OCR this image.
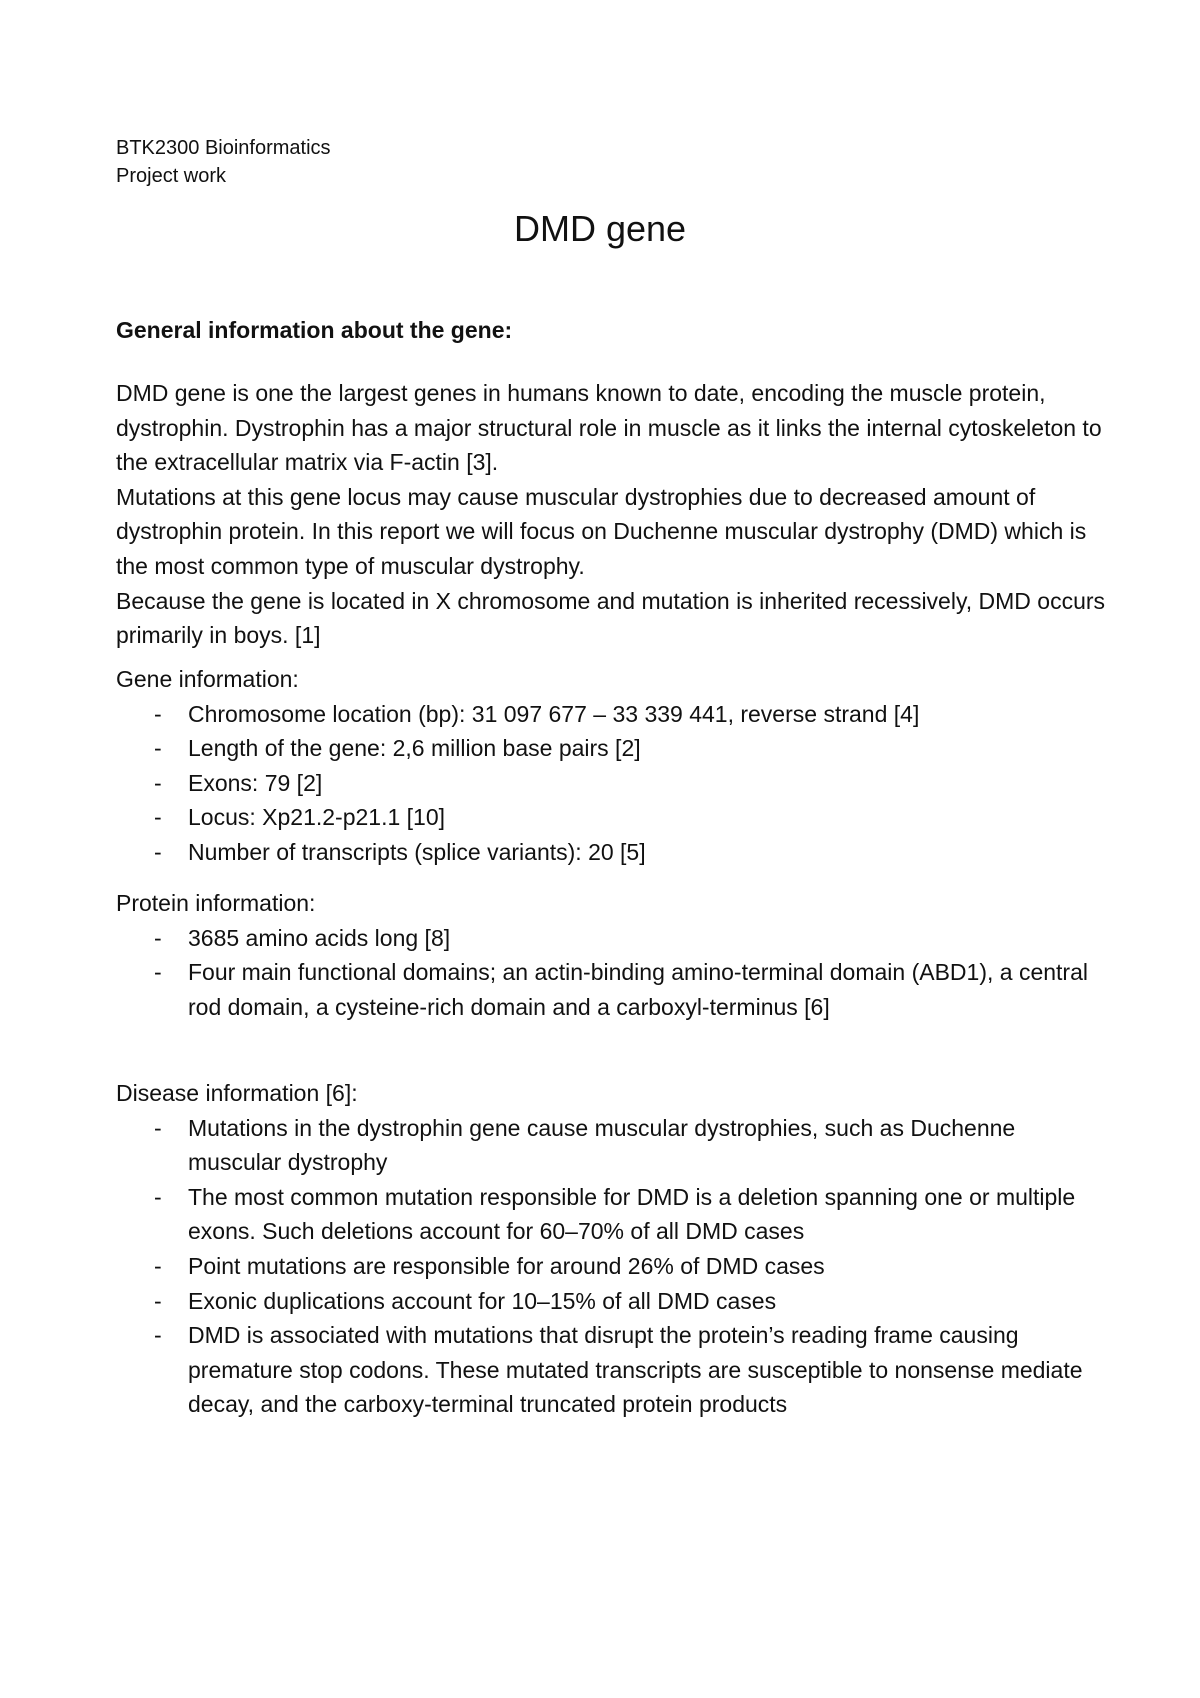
BTK2300 Bioinformatics
Project work
DMD gene

General information about the gene:

DMD gene is one the largest genes in humans known to date, encoding the muscle protein, dystrophin. Dystrophin has a major structural role in muscle as it links the internal cytoskeleton to the extracellular matrix via F-actin [3].

Mutations at this gene locus may cause muscular dystrophies due to decreased amount of dystrophin protein. In this report we will focus on Duchenne muscular dystrophy (DMD) which is the most common type of muscular dystrophy.

Because the gene is located in X chromosome and mutation is inherited recessively, DMD occurs primarily in boys. [1]

Gene information:

- Chromosome location (bp): 31 097 677 – 33 339 441, reverse strand [4]
- Length of the gene: 2,6 million base pairs [2]
- Exons: 79 [2]
- Locus: Xp21.2-p21.1 [10]
- Number of transcripts (splice variants): 20 [5]

Protein information:

- 3685 amino acids long [8]
- Four main functional domains; an actin-binding amino-terminal domain (ABD1), a central rod domain, a cysteine-rich domain and a carboxyl-terminus [6]

Disease information [6]:

- Mutations in the dystrophin gene cause muscular dystrophies, such as Duchenne muscular dystrophy
- The most common mutation responsible for DMD is a deletion spanning one or multiple exons. Such deletions account for 60–70% of all DMD cases
- Point mutations are responsible for around 26% of DMD cases
- Exonic duplications account for 10–15% of all DMD cases
- DMD is associated with mutations that disrupt the protein’s reading frame causing premature stop codons. These mutated transcripts are susceptible to nonsense mediate decay, and the carboxy-terminal truncated protein products
